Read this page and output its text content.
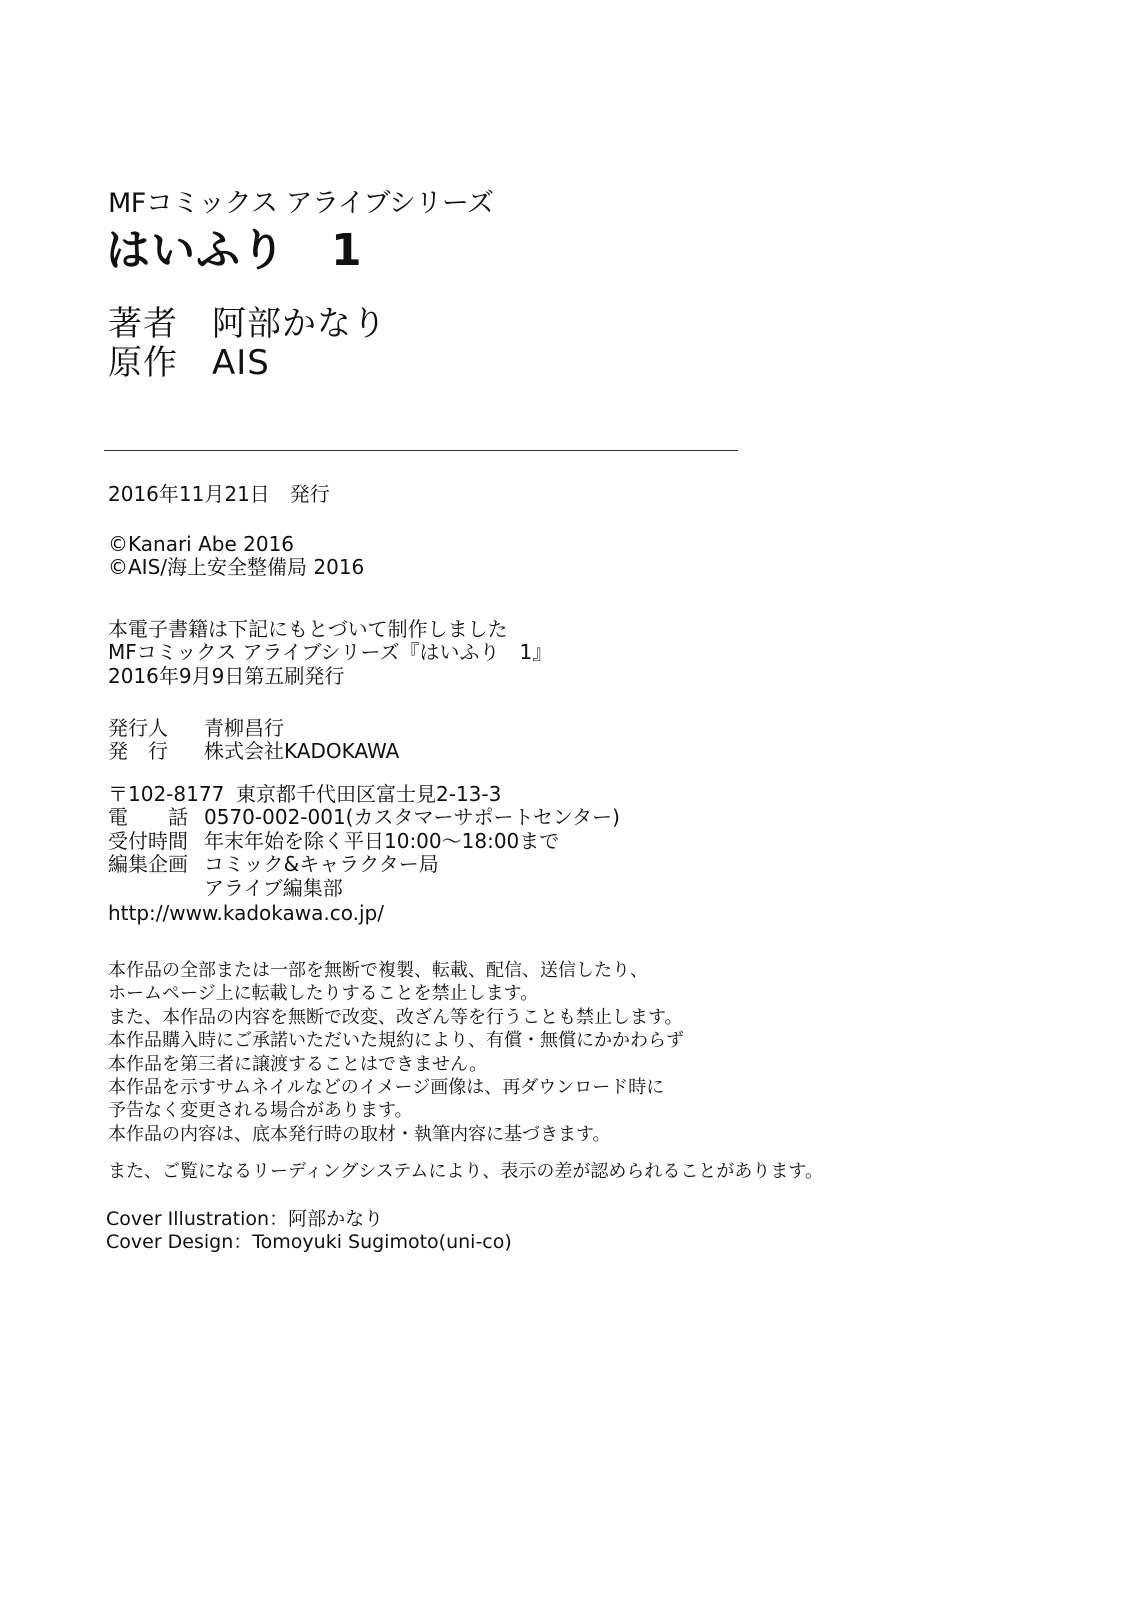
MFコミックス アライブシリーズ
はいふり　1
著者 阿部かなり
原作 AIS
2016年11月21日　発行
©Kanari Abe 2016
©AIS/海上安全整備局 2016
本電子書籍は下記にもとづいて制作しました
MFコミックス アライブシリーズ『はいふり　1』
2016年9月9日第五刷発行
発行人 青柳昌行
発　行 株式会社KADOKAWA
〒102-8177 東京都千代田区富士見2-13-3
電　　話 0570-002-001(カスタマーサポートセンター)
受付時間 年末年始を除く平日10:00〜18:00まで
編集企画 コミック&キャラクター局
アライブ編集部
http://www.kadokawa.co.jp/
本作品の全部または一部を無断で複製、転載、配信、送信したり、
ホームページ上に転載したりすることを禁止します。
また、本作品の内容を無断で改変、改ざん等を行うことも禁止します。
本作品購入時にご承諾いただいた規約により、有償・無償にかかわらず
本作品を第三者に譲渡することはできません。
本作品を示すサムネイルなどのイメージ画像は、再ダウンロード時に
予告なく変更される場合があります。
本作品の内容は、底本発行時の取材・執筆内容に基づきます。
また、ご覧になるリーディングシステムにより、表示の差が認められることがあります。
Cover Illustration：阿部かなり
Cover Design：Tomoyuki Sugimoto(uni-co)
